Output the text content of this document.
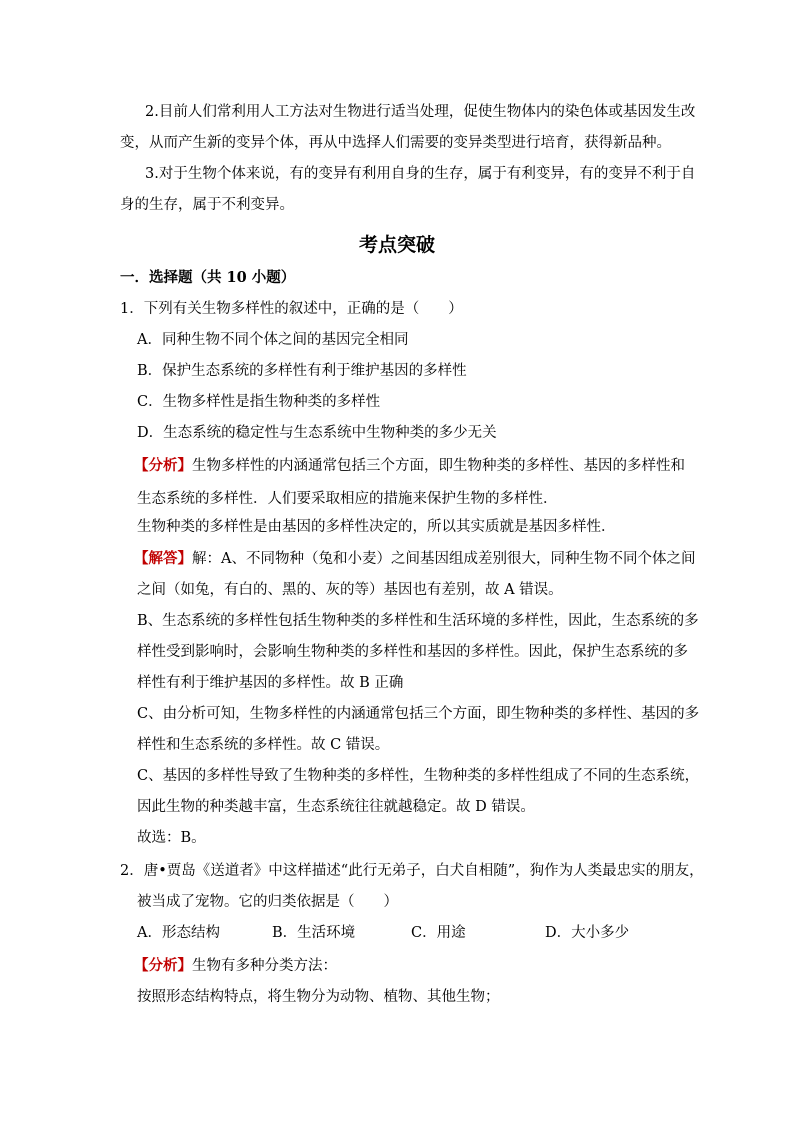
2.目前人们常利用人工方法对生物进行适当处理，促使生物体内的染色体或基因发生改
变，从而产生新的变异个体，再从中选择人们需要的变异类型进行培育，获得新品种。
3.对于生物个体来说，有的变异有利用自身的生存，属于有利变异，有的变异不利于自
身的生存，属于不利变异。
考点突破
一．选择题（共 10 小题）
1．下列有关生物多样性的叙述中，正确的是（　　）
A．同种生物不同个体之间的基因完全相同
B．保护生态系统的多样性有利于维护基因的多样性
C．生物多样性是指生物种类的多样性
D．生态系统的稳定性与生态系统中生物种类的多少无关
【分析】生物多样性的内涵通常包括三个方面，即生物种类的多样性、基因的多样性和
生态系统的多样性．人们要采取相应的措施来保护生物的多样性．
生物种类的多样性是由基因的多样性决定的，所以其实质就是基因多样性．
【解答】解：A、不同物种（兔和小麦）之间基因组成差别很大，同种生物不同个体之间
之间（如兔，有白的、黑的、灰的等）基因也有差别，故 A 错误。
B、生态系统的多样性包括生物种类的多样性和生活环境的多样性，因此，生态系统的多
样性受到影响时，会影响生物种类的多样性和基因的多样性。因此，保护生态系统的多
样性有利于维护基因的多样性。故 B 正确
C、由分析可知，生物多样性的内涵通常包括三个方面，即生物种类的多样性、基因的多
样性和生态系统的多样性。故 C 错误。
C、基因的多样性导致了生物种类的多样性，生物种类的多样性组成了不同的生态系统，
因此生物的种类越丰富，生态系统往往就越稳定。故 D 错误。
故选：B。
2．唐•贾岛《送道者》中这样描述“此行无弟子，白犬自相随”，狗作为人类最忠实的朋友，
被当成了宠物。它的归类依据是（　　）
A．形态结构	B．生活环境	C．用途	D．大小多少
【分析】生物有多种分类方法：
按照形态结构特点，将生物分为动物、植物、其他生物；
